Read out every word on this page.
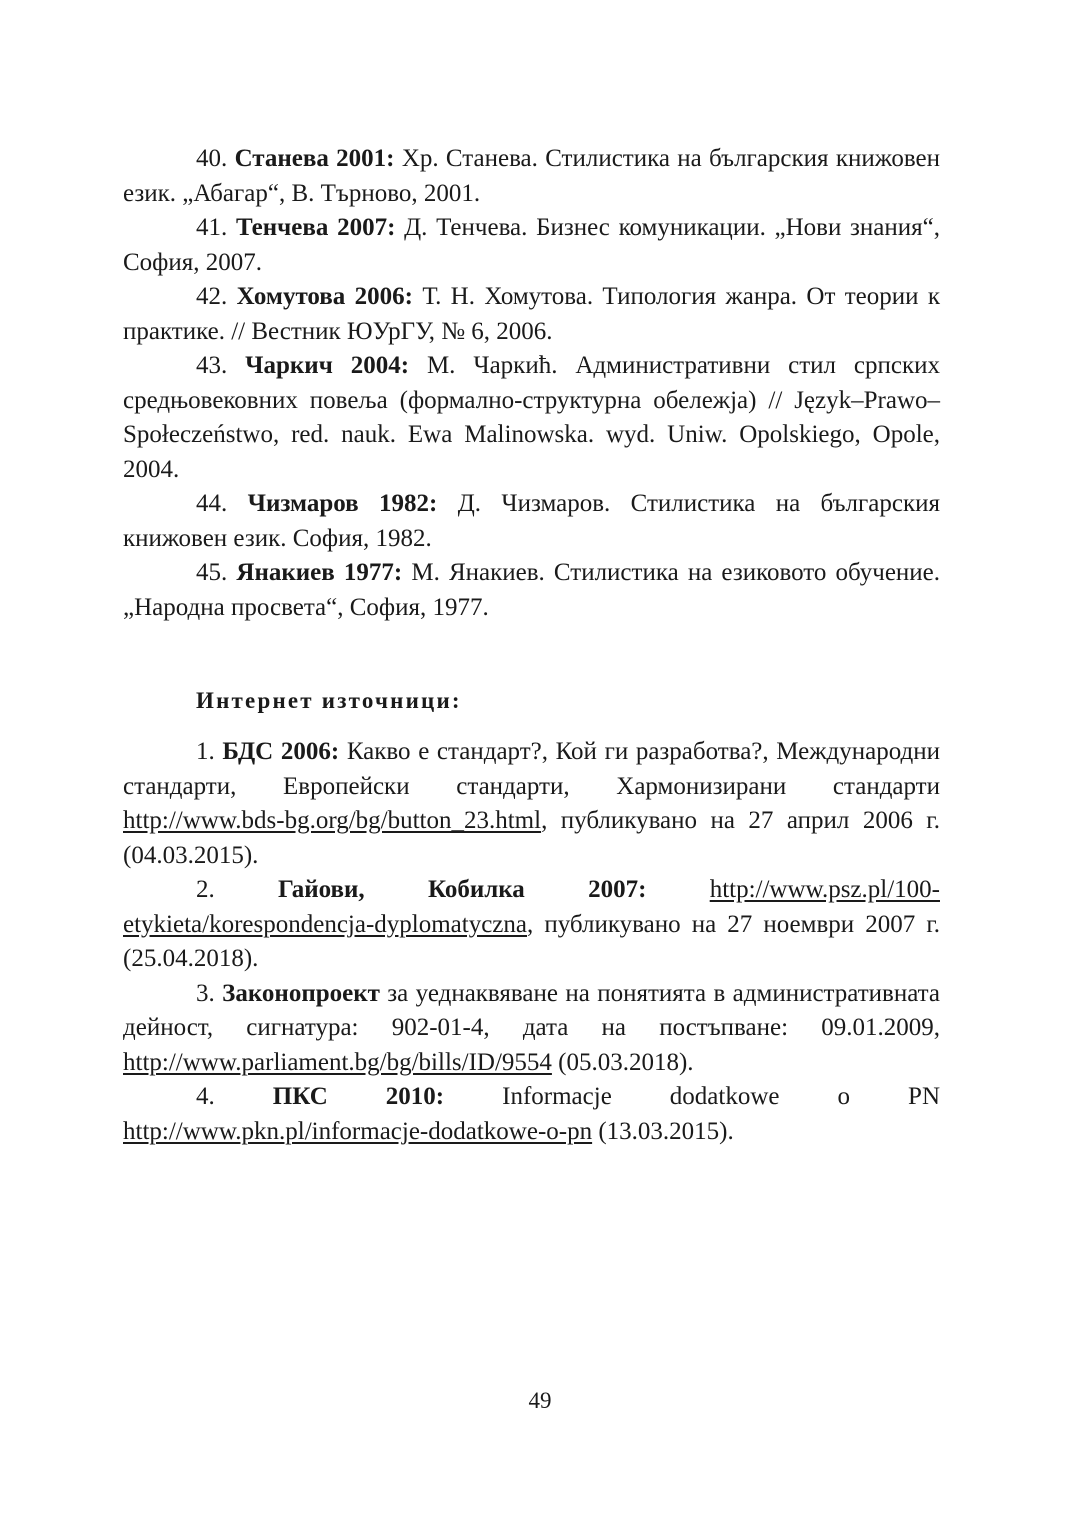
40. Станева 2001: Хр. Станева. Стилистика на българския книжовен език. „Абагар“, В. Търново, 2001.

41. Тенчева 2007: Д. Тенчева. Бизнес комуникации. „Нови знания“, София, 2007.

42. Хомутова 2006: Т. Н. Хомутова. Типология жанра. От теории к практике. // Вестник ЮУрГУ, № 6, 2006.

43. Чаркич 2004: М. Чаркић. Административни стил српских средњовековних повеља (формално-структурна обележја) // Język–Prawo–Społeczeństwo, red. nauk. Ewa Malinowska. wyd. Uniw. Opolskiego, Opole, 2004.

44. Чизмаров 1982: Д. Чизмаров. Стилистика на българския книжовен език. София, 1982.

45. Янакиев 1977: М. Янакиев. Стилистика на езиковото обучение. „Народна просвета“, София, 1977.

Интернет източници:

1. БДС 2006: Какво е стандарт?, Кой ги разработва?, Международни стандарти, Европейски стандарти, Хармонизирани стандарти http://www.bds-bg.org/bg/button_23.html, публикувано на 27 април 2006 г. (04.03.2015).

2.	Гайови, Кобилка 2007:	http://www.psz.pl/100-etykieta/korespondencja-dyplomatyczna, публикувано на 27 ноември 2007 г. (25.04.2018).

3. Законопроект за уеднаквяване на понятията в административната дейност, сигнатура: 902-01-4, дата на постъпване: 09.01.2009, http://www.parliament.bg/bg/bills/ID/9554 (05.03.2018).

4. ПКС 2010: Informacje dodatkowe o PN http://www.pkn.pl/informacje-dodatkowe-o-pn (13.03.2015).

49
